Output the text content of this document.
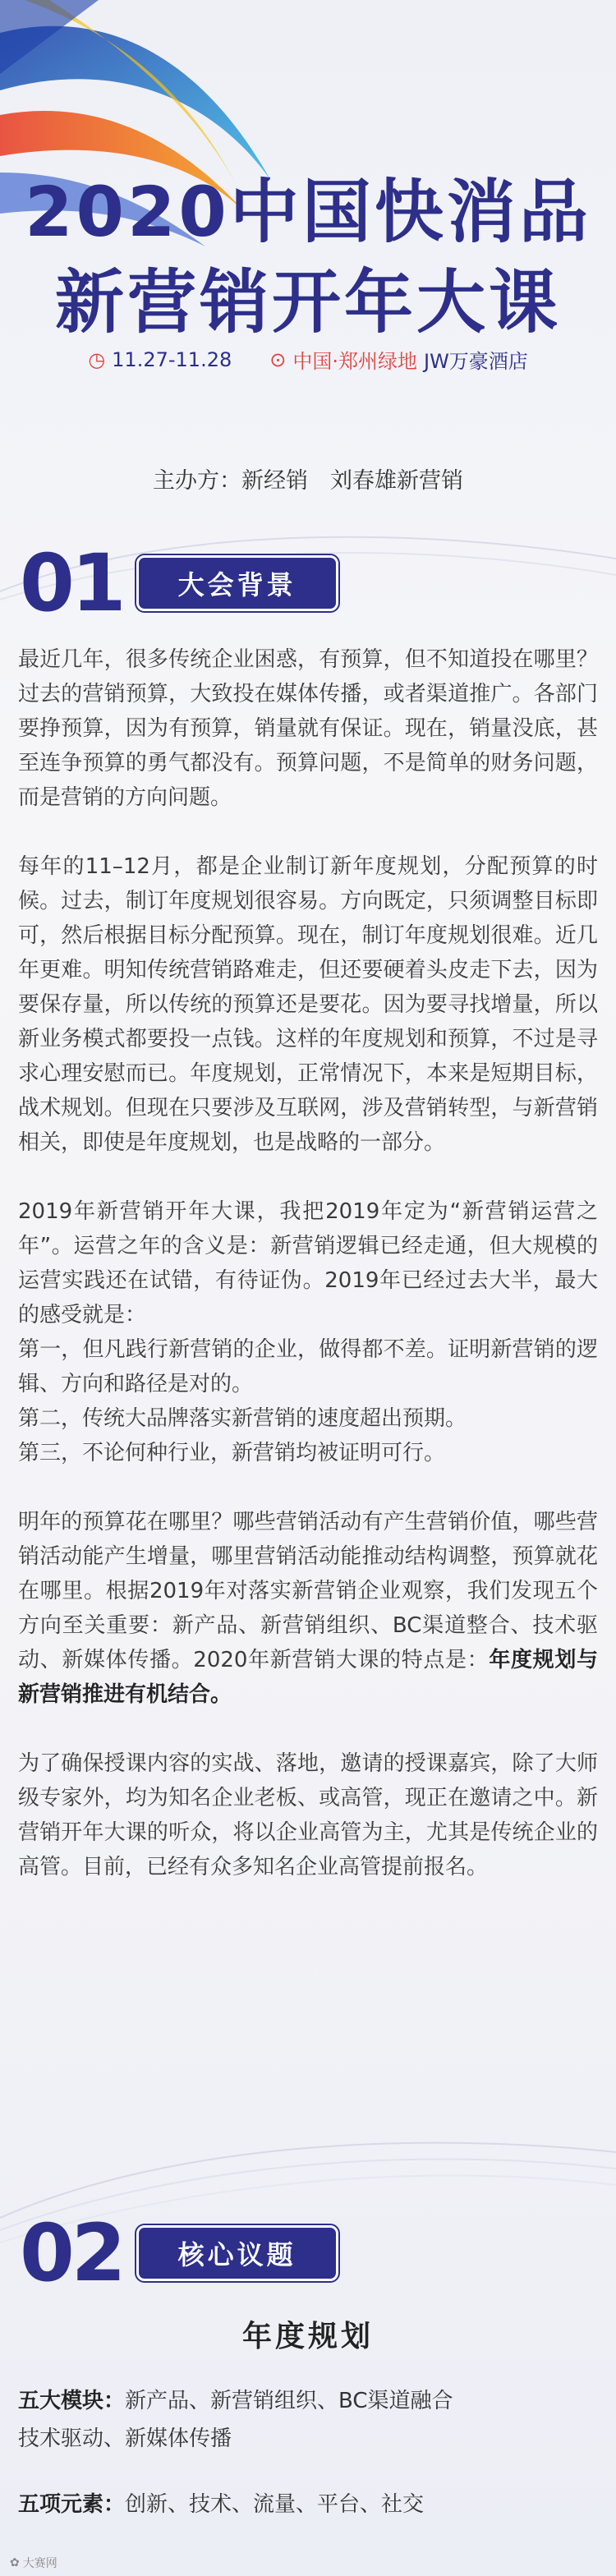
2020中国快消品
新营销开年大课
◷ 11.27-11.28 ⊙ 中国·郑州绿地 JW万豪酒店
主办方：新经销　刘春雄新营销
01	大会背景

最近几年，很多传统企业困惑，有预算，但不知道投在哪里？过去的营销预算，大致投在媒体传播，或者渠道推广。各部门要挣预算，因为有预算，销量就有保证。现在，销量没底，甚至连争预算的勇气都没有。预算问题，不是简单的财务问题，而是营销的方向问题。

每年的11–12月，都是企业制订新年度规划，分配预算的时候。过去，制订年度规划很容易。方向既定，只须调整目标即可，然后根据目标分配预算。现在，制订年度规划很难。近几年更难。明知传统营销路难走，但还要硬着头皮走下去，因为要保存量，所以传统的预算还是要花。因为要寻找增量，所以新业务模式都要投一点钱。这样的年度规划和预算，不过是寻求心理安慰而已。年度规划，正常情况下，本来是短期目标，战术规划。但现在只要涉及互联网，涉及营销转型，与新营销相关，即使是年度规划，也是战略的一部分。

2019年新营销开年大课，我把2019年定为“新营销运营之年”。运营之年的含义是：新营销逻辑已经走通，但大规模的运营实践还在试错，有待证伪。2019年已经过去大半，最大的感受就是：

第一，但凡践行新营销的企业，做得都不差。证明新营销的逻辑、方向和路径是对的。

第二，传统大品牌落实新营销的速度超出预期。

第三，不论何种行业，新营销均被证明可行。

明年的预算花在哪里？哪些营销活动有产生营销价值，哪些营销活动能产生增量，哪里营销活动能推动结构调整，预算就花在哪里。根据2019年对落实新营销企业观察，我们发现五个方向至关重要：新产品、新营销组织、BC渠道整合、技术驱动、新媒体传播。2020年新营销大课的特点是：年度规划与新营销推进有机结合。

为了确保授课内容的实战、落地，邀请的授课嘉宾，除了大师级专家外，均为知名企业老板、或高管，现正在邀请之中。新营销开年大课的听众，将以企业高管为主，尤其是传统企业的高管。目前，已经有众多知名企业高管提前报名。

02	核心议题
年度规划
五大模块：新产品、新营销组织、BC渠道融合
技术驱动、新媒体传播
五项元素：创新、技术、流量、平台、社交
✿ 大赛网
